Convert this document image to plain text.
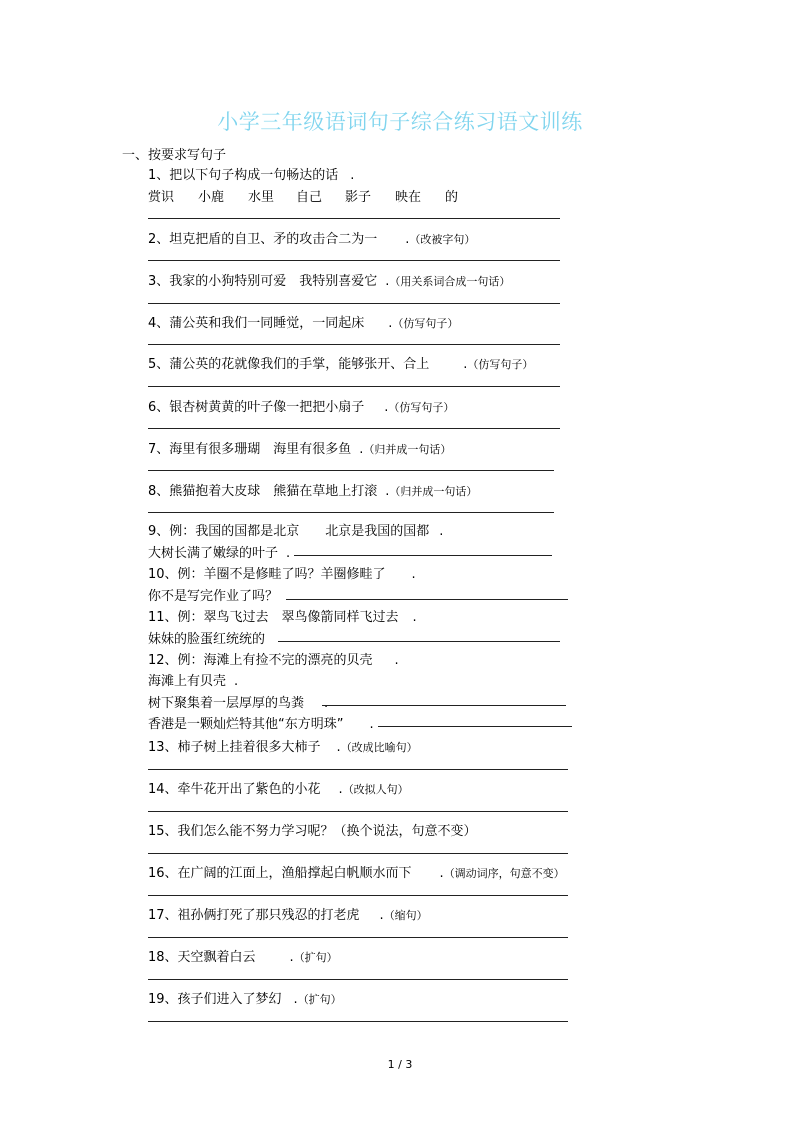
小学三年级语词句子综合练习语文训练
一、按要求写句子
1、把以下句子构成一句畅达的话 .
赏识 小鹿 水里 自己 影子 映在 的
2、坦克把盾的自卫、矛的攻击合二为一 .（改被字句）
3、我家的小狗特别可爱　我特别喜爱它 .（用关系词合成一句话）
4、蒲公英和我们一同睡觉，一同起床 .（仿写句子）
5、蒲公英的花就像我们的手掌，能够张开、合上	.（仿写句子）
6、银杏树黄黄的叶子像一把把小扇子 .（仿写句子）
7、海里有很多珊瑚　海里有很多鱼 .（归并成一句话）
8、熊猫抱着大皮球　熊猫在草地上打滚 .（归并成一句话）
9、例：我国的国都是北京　　北京是我国的国都 .
大树长满了嫩绿的叶子 .
10、例：羊圈不是修畦了吗？羊圈修畦了 .
你不是写完作业了吗？
11、例：翠鸟飞过去　翠鸟像箭同样飞过去 .
妹妹的脸蛋红统统的
12、例：海滩上有捡不完的漂亮的贝壳 .
海滩上有贝壳 .
树下聚集着一层厚厚的鸟粪 .
香港是一颗灿烂特其他“东方明珠” .
13、柿子树上挂着很多大柿子 .（改成比喻句）
14、牵牛花开出了紫色的小花 .（改拟人句）
15、我们怎么能不努力学习呢？（换个说法，句意不变）
16、在广阔的江面上，渔船撑起白帆顺水而下 .（调动词序，句意不变）
17、祖孙俩打死了那只残忍的打老虎 .（缩句）
18、天空飘着白云	.（扩句）
19、孩子们进入了梦幻 .（扩句）
1 / 3
